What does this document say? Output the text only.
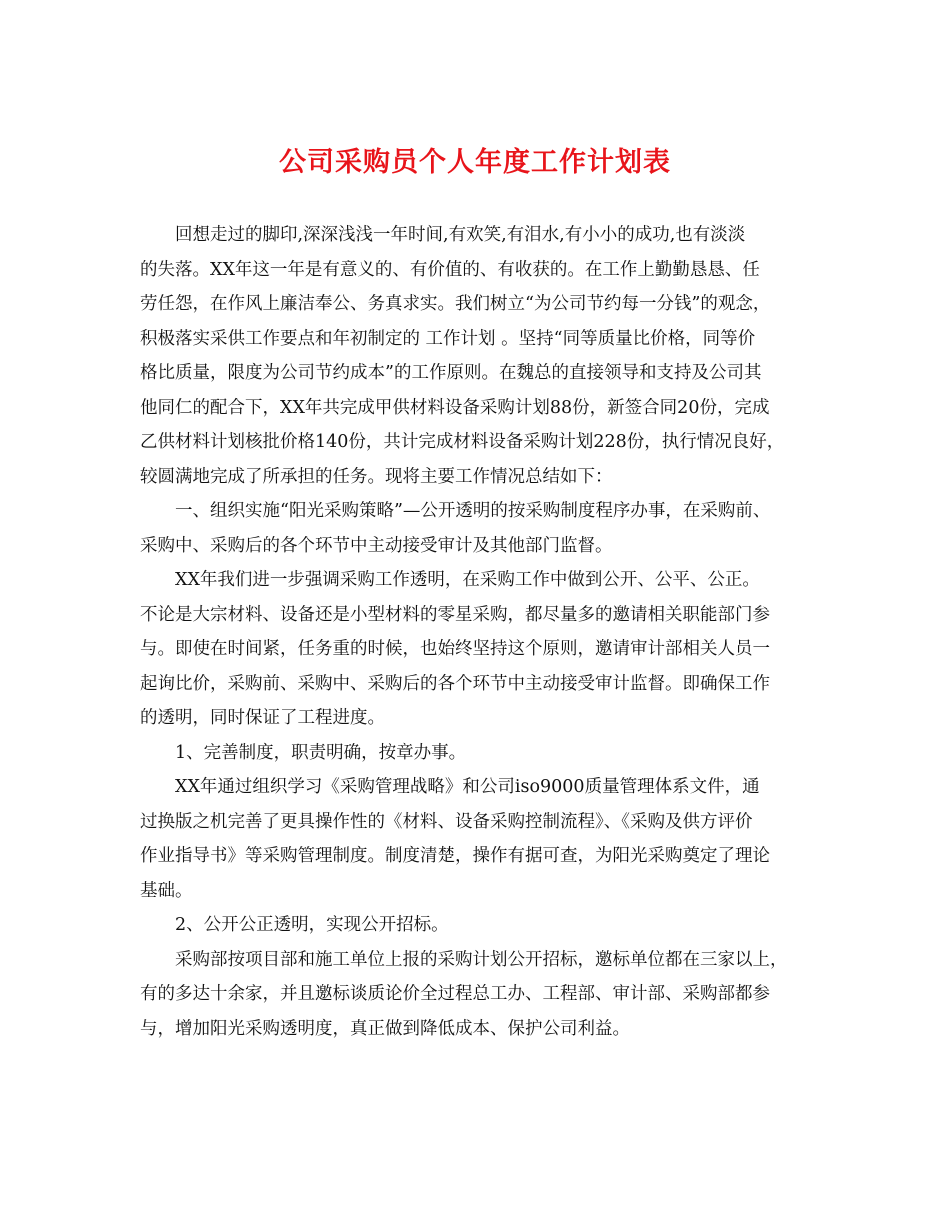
公司采购员个人年度工作计划表
　　回想走过的脚印,深深浅浅一年时间,有欢笑,有泪水,有小小的成功,也有淡淡
的失落。XX年这一年是有意义的、有价值的、有收获的。在工作上勤勤恳恳、任
劳任怨，在作风上廉洁奉公、务真求实。我们树立“为公司节约每一分钱”的观念，
积极落实采供工作要点和年初制定的 工作计划 。坚持“同等质量比价格，同等价
格比质量，限度为公司节约成本”的工作原则。在魏总的直接领导和支持及公司其
他同仁的配合下，XX年共完成甲供材料设备采购计划88份，新签合同20份，完成
乙供材料计划核批价格140份，共计完成材料设备采购计划228份，执行情况良好，
较圆满地完成了所承担的任务。现将主要工作情况总结如下：
　　一、组织实施“阳光采购策略”—公开透明的按采购制度程序办事，在采购前、
采购中、采购后的各个环节中主动接受审计及其他部门监督。
　　XX年我们进一步强调采购工作透明，在采购工作中做到公开、公平、公正。
不论是大宗材料、设备还是小型材料的零星采购，都尽量多的邀请相关职能部门参
与。即使在时间紧，任务重的时候，也始终坚持这个原则，邀请审计部相关人员一
起询比价，采购前、采购中、采购后的各个环节中主动接受审计监督。即确保工作
的透明，同时保证了工程进度。
　　1、完善制度，职责明确，按章办事。
　　XX年通过组织学习《采购管理战略》和公司iso9000质量管理体系文件，通
过换版之机完善了更具操作性的《材料、设备采购控制流程》、《采购及供方评价
作业指导书》等采购管理制度。制度清楚，操作有据可查，为阳光采购奠定了理论
基础。
　　2、公开公正透明，实现公开招标。
　　采购部按项目部和施工单位上报的采购计划公开招标，邀标单位都在三家以上，
有的多达十余家，并且邀标谈质论价全过程总工办、工程部、审计部、采购部都参
与，增加阳光采购透明度，真正做到降低成本、保护公司利益。
